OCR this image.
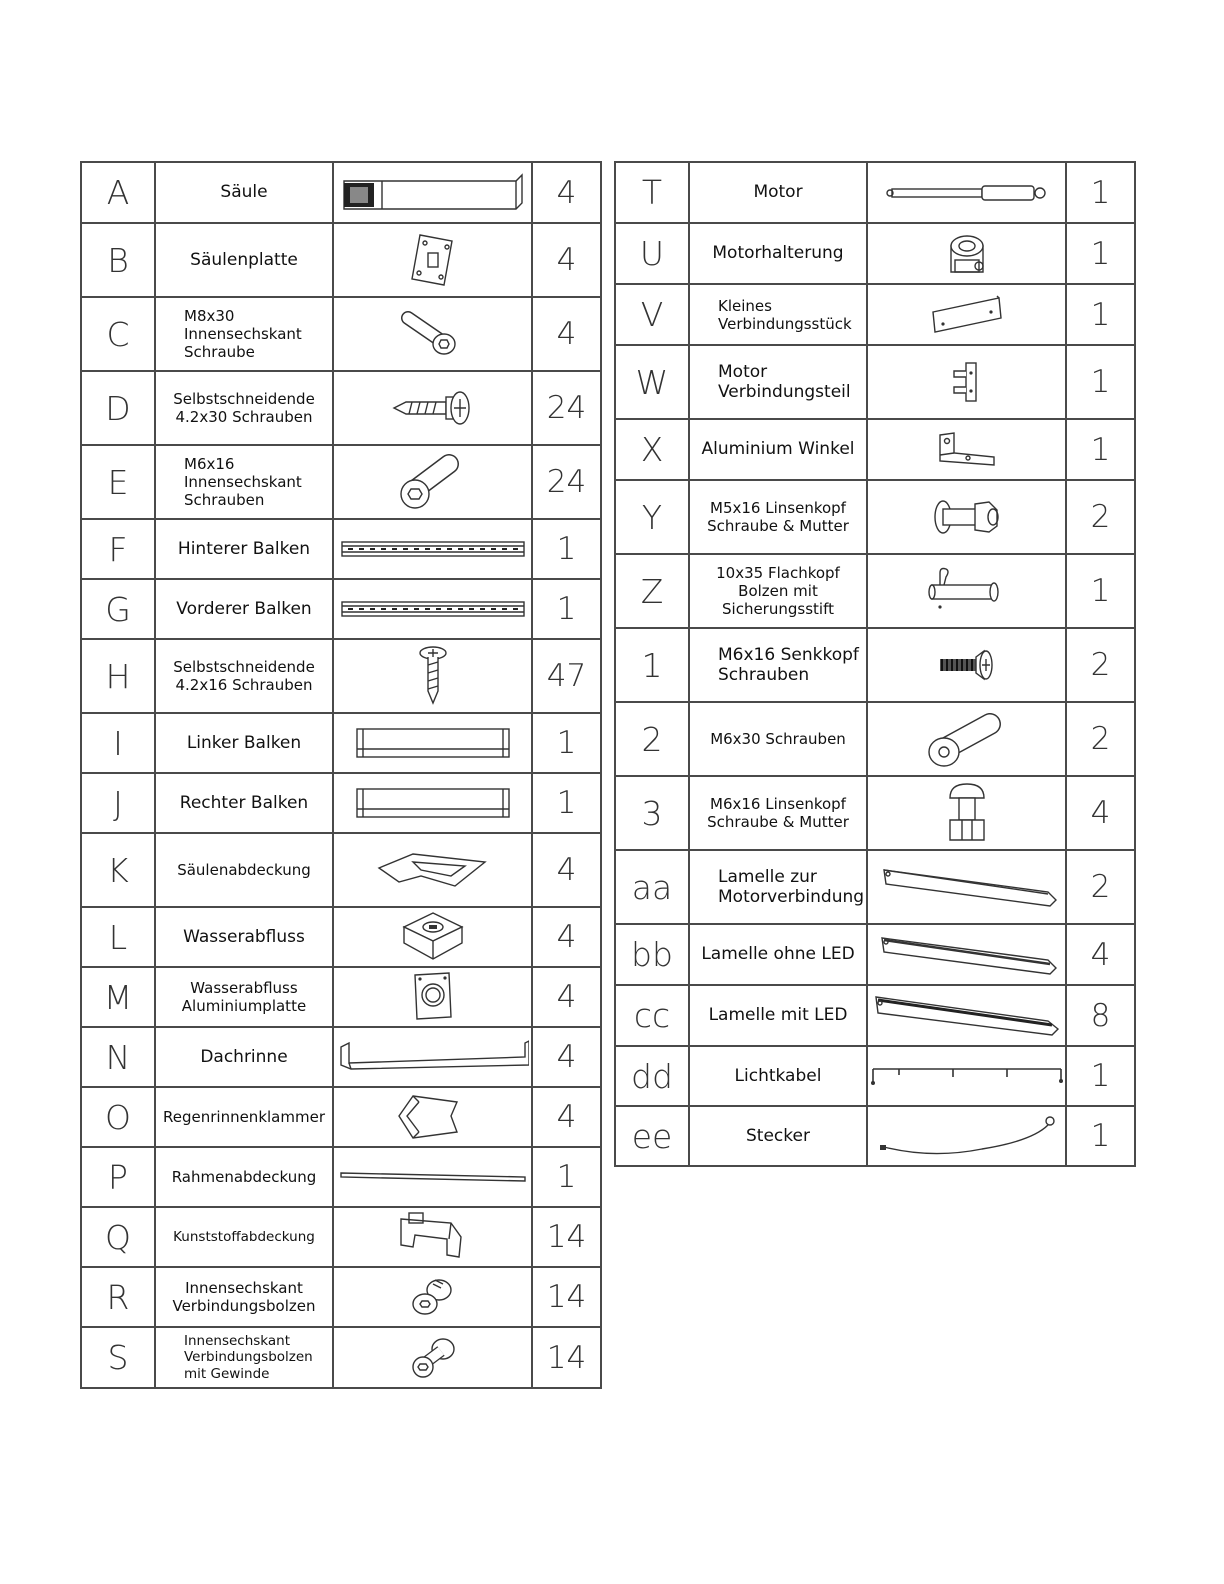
A	Säule		4
B	Säulenplatte		4
C	M8x30
Innensechskant
Schraube		4
D	Selbstschneidende
4.2x30 Schrauben		24
E	M6x16
Innensechskant
Schrauben		24
F	Hinterer Balken		1
G	Vorderer Balken		1
H	Selbstschneidende
4.2x16 Schrauben		47
I	Linker Balken		1
J	Rechter Balken		1
K	Säulenabdeckung		4
L	Wasserabfluss		4
M	Wasserabfluss
Aluminiumplatte		4
N	Dachrinne		4
O	Regenrinnenklammer		4
P	Rahmenabdeckung		1
Q	Kunststoffabdeckung		14
R	Innensechskant
Verbindungsbolzen		14
S	Innensechskant
Verbindungsbolzen
mit Gewinde		14
T	Motor		1
U	Motorhalterung		1
V	Kleines
Verbindungsstück		1
W	Motor
Verbindungsteil		1
X	Aluminium Winkel		1
Y	M5x16 Linsenkopf
Schraube & Mutter		2
Z	10x35 Flachkopf
Bolzen mit
Sicherungsstift		1
1	M6x16 Senkkopf
Schrauben		2
2	M6x30 Schrauben		2
3	M6x16 Linsenkopf
Schraube & Mutter		4
aa	Lamelle zur
Motorverbindung		2
bb	Lamelle ohne LED		4
cc	Lamelle mit LED		8
dd	Lichtkabel		1
ee	Stecker		1
